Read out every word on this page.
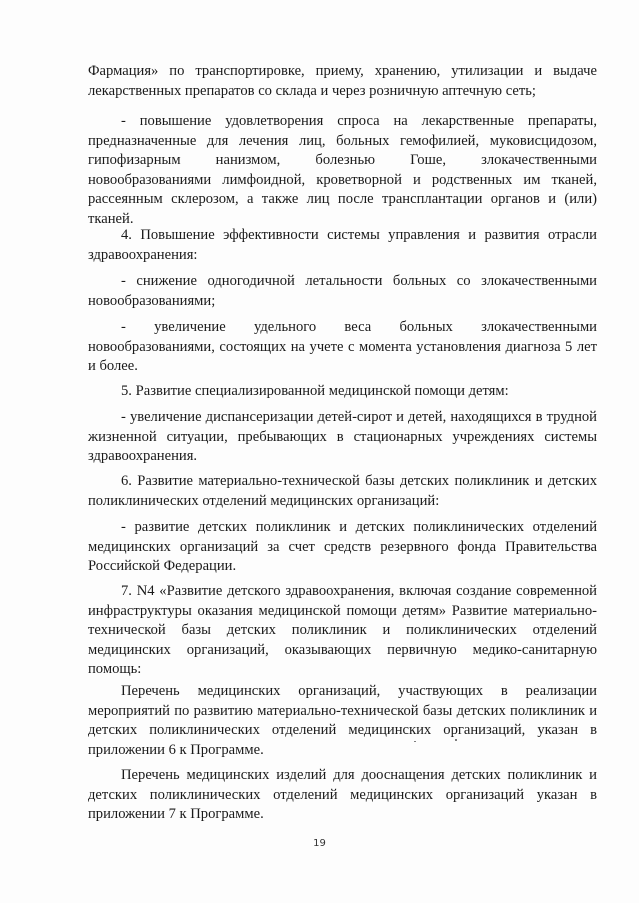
Фармация» по транспортировке, приему, хранению, утилизации и выдаче лекарственных препаратов со склада и через розничную аптечную сеть;

- повышение удовлетворения спроса на лекарственные препараты, предназначенные для лечения лиц, больных гемофилией, муковисцидозом, гипофизарным нанизмом, болезнью Гоше, злокачественными новообразованиями лимфоидной, кроветворной и родственных им тканей, рассеянным склерозом, а также лиц после трансплантации органов и (или) тканей.

4. Повышение эффективности системы управления и развития отрасли здравоохранения:

- снижение одногодичной летальности больных со злокачественными новообразованиями;

- увеличение удельного веса больных злокачественными новообразованиями, состоящих на учете с момента установления диагноза 5 лет и более.

5. Развитие специализированной медицинской помощи детям:

- увеличение диспансеризации детей-сирот и детей, находящихся в трудной жизненной ситуации, пребывающих в стационарных учреждениях системы здравоохранения.

6. Развитие материально-технической базы детских поликлиник и детских поликлинических отделений медицинских организаций:

- развитие детских поликлиник и детских поликлинических отделений медицинских организаций за счет средств резервного фонда Правительства Российской Федерации.

7. N4 «Развитие детского здравоохранения, включая создание современной инфраструктуры оказания медицинской помощи детям» Развитие материально-технической базы детских поликлиник и поликлинических отделений медицинских организаций, оказывающих первичную медико-санитарную помощь:

Перечень медицинских организаций, участвующих в реализации мероприятий по развитию материально-технической базы детских поликлиник и детских поликлинических отделений медицинских организаций, указан в приложении 6 к Программе.

Перечень медицинских изделий для дооснащения детских поликлиник и детских поликлинических отделений медицинских организаций указан в приложении 7 к Программе.

19
